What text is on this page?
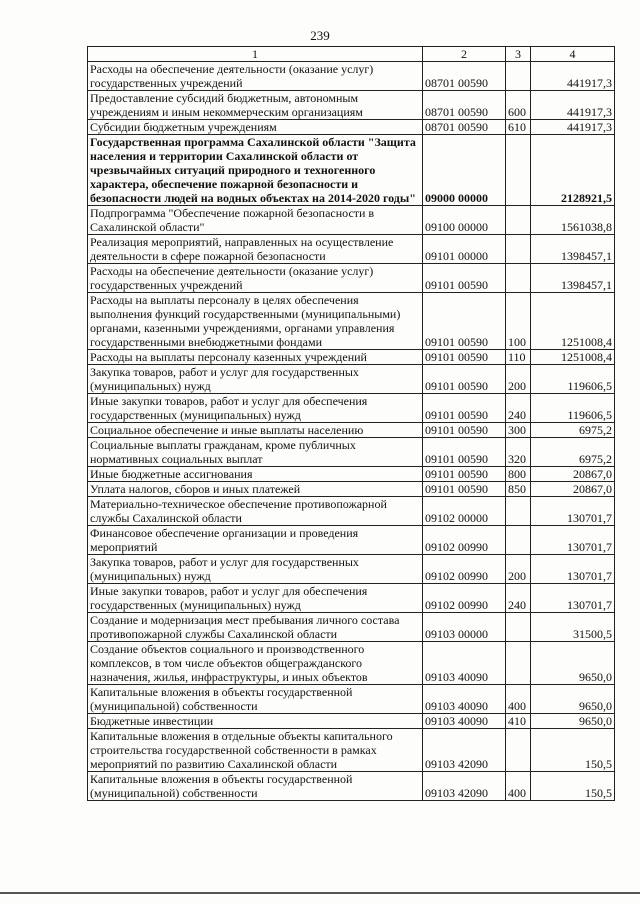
239
1	2	3	4
Расходы на обеспечение деятельности (оказание услуг) государственных учреждений	08701 00590		441917,3
Предоставление субсидий бюджетным, автономным учреждениям и иным некоммерческим организациям	08701 00590	600	441917,3
Субсидии бюджетным учреждениям	08701 00590	610	441917,3
Государственная программа Сахалинской области "Защита населения и территории Сахалинской области от чрезвычайных ситуаций природного и техногенного характера, обеспечение пожарной безопасности и безопасности людей на водных объектах на 2014-2020 годы"	09000 00000		2128921,5
Подпрограмма "Обеспечение пожарной безопасности в Сахалинской области"	09100 00000		1561038,8
Реализация мероприятий, направленных на осуществление деятельности в сфере пожарной безопасности	09101 00000		1398457,1
Расходы на обеспечение деятельности (оказание услуг) государственных учреждений	09101 00590		1398457,1
Расходы на выплаты персоналу в целях обеспечения выполнения функций государственными (муниципальными) органами, казенными учреждениями, органами управления государственными внебюджетными фондами	09101 00590	100	1251008,4
Расходы на выплаты персоналу казенных учреждений	09101 00590	110	1251008,4
Закупка товаров, работ и услуг для государственных (муниципальных) нужд	09101 00590	200	119606,5
Иные закупки товаров, работ и услуг для обеспечения государственных (муниципальных) нужд	09101 00590	240	119606,5
Социальное обеспечение и иные выплаты населению	09101 00590	300	6975,2
Социальные выплаты гражданам, кроме публичных нормативных социальных выплат	09101 00590	320	6975,2
Иные бюджетные ассигнования	09101 00590	800	20867,0
Уплата налогов, сборов и иных платежей	09101 00590	850	20867,0
Материально-техническое обеспечение противопожарной службы Сахалинской области	09102 00000		130701,7
Финансовое обеспечение организации и проведения мероприятий	09102 00990		130701,7
Закупка товаров, работ и услуг для государственных (муниципальных) нужд	09102 00990	200	130701,7
Иные закупки товаров, работ и услуг для обеспечения государственных (муниципальных) нужд	09102 00990	240	130701,7
Создание и модернизация мест пребывания личного состава противопожарной службы Сахалинской области	09103 00000		31500,5
Создание объектов социального и производственного комплексов, в том числе объектов общегражданского назначения, жилья, инфраструктуры, и иных объектов	09103 40090		9650,0
Капитальные вложения в объекты государственной (муниципальной) собственности	09103 40090	400	9650,0
Бюджетные инвестиции	09103 40090	410	9650,0
Капитальные вложения в отдельные объекты капитального строительства государственной собственности в рамках мероприятий по развитию Сахалинской области	09103 42090		150,5
Капитальные вложения в объекты государственной (муниципальной) собственности	09103 42090	400	150,5
